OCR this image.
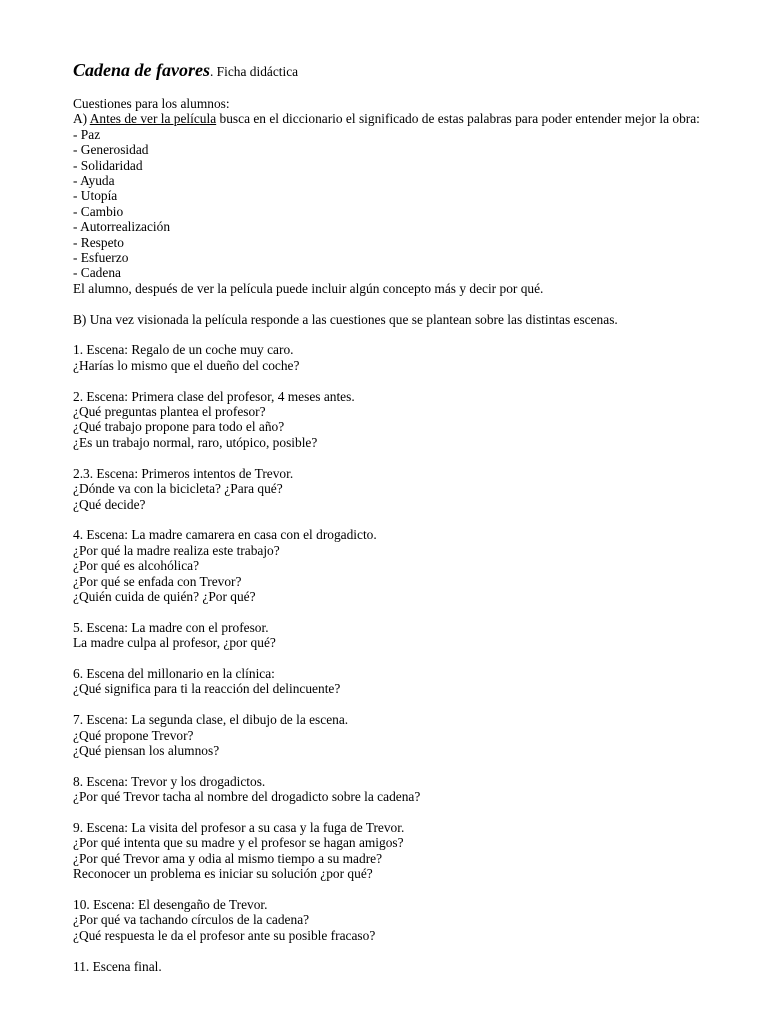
Cadena de favores. Ficha didáctica
Cuestiones para los alumnos:
A) Antes de ver la película busca en el diccionario el significado de estas palabras para poder entender mejor la obra:
- Paz
- Generosidad
- Solidaridad
- Ayuda
- Utopía
- Cambio
- Autorrealización
- Respeto
- Esfuerzo
- Cadena
El alumno, después de ver la película puede incluir algún concepto más y decir por qué.
B) Una vez visionada la película responde a las cuestiones que se plantean sobre las distintas escenas.
1. Escena: Regalo de un coche muy caro.
¿Harías lo mismo que el dueño del coche?
2. Escena: Primera clase del profesor, 4 meses antes.
¿Qué preguntas plantea el profesor?
¿Qué trabajo propone para todo el año?
¿Es un trabajo normal, raro, utópico, posible?
2.3. Escena: Primeros intentos de Trevor.
¿Dónde va con la bicicleta? ¿Para qué?
¿Qué decide?
4. Escena: La madre camarera en casa con el drogadicto.
¿Por qué la madre realiza este trabajo?
¿Por qué es alcohólica?
¿Por qué se enfada con Trevor?
¿Quién cuida de quién? ¿Por qué?
5. Escena: La madre con el profesor.
La madre culpa al profesor, ¿por qué?
6. Escena del millonario en la clínica:
¿Qué significa para ti la reacción del delincuente?
7. Escena: La segunda clase, el dibujo de la escena.
¿Qué propone Trevor?
¿Qué piensan los alumnos?
8. Escena: Trevor y los drogadictos.
¿Por qué Trevor tacha al nombre del drogadicto sobre la cadena?
9. Escena: La visita del profesor a su casa y la fuga de Trevor.
¿Por qué intenta que su madre y el profesor se hagan amigos?
¿Por qué Trevor ama y odia al mismo tiempo a su madre?
Reconocer un problema es iniciar su solución ¿por qué?
10. Escena: El desengaño de Trevor.
¿Por qué va tachando círculos de la cadena?
¿Qué respuesta le da el profesor ante su posible fracaso?
11. Escena final.
